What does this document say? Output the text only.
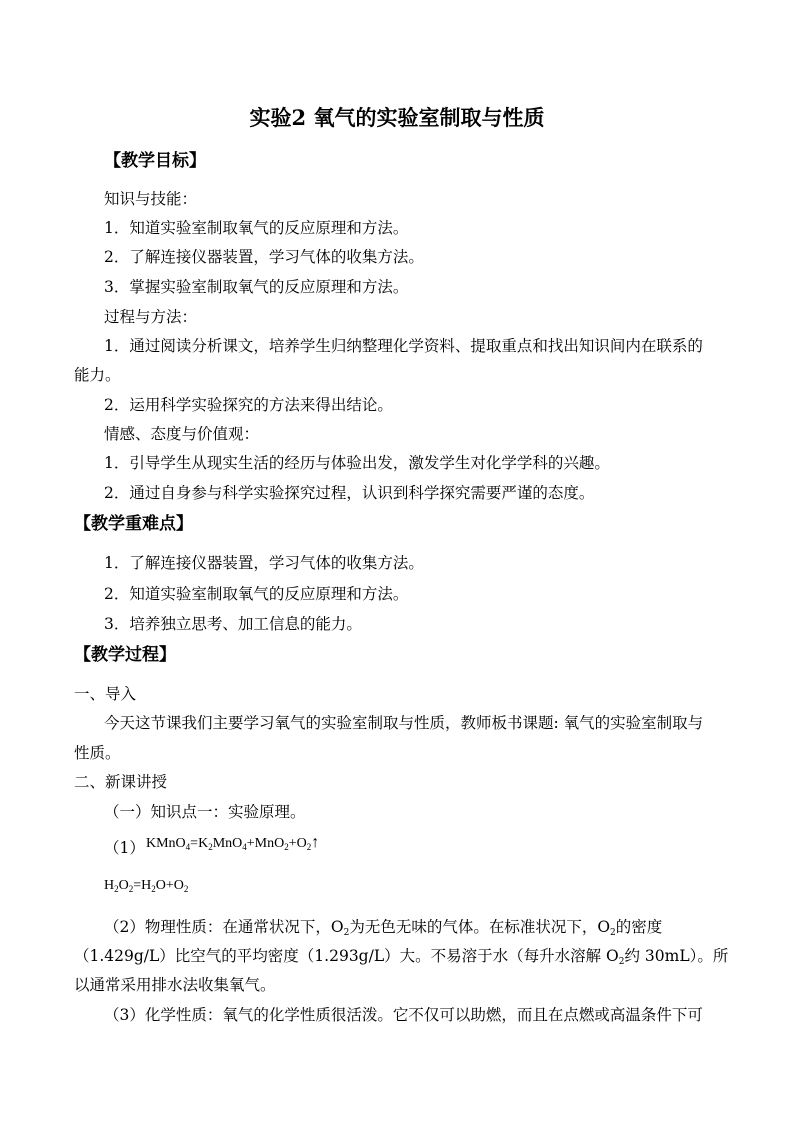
实验2 氧气的实验室制取与性质
【教学目标】
知识与技能：
1．知道实验室制取氧气的反应原理和方法。
2．了解连接仪器装置，学习气体的收集方法。
3．掌握实验室制取氧气的反应原理和方法。
过程与方法：
1．通过阅读分析课文，培养学生归纳整理化学资料、提取重点和找出知识间内在联系的
能力。
2．运用科学实验探究的方法来得出结论。
情感、态度与价值观：
1．引导学生从现实生活的经历与体验出发，激发学生对化学学科的兴趣。
2．通过自身参与科学实验探究过程，认识到科学探究需要严谨的态度。
【教学重难点】
1．了解连接仪器装置，学习气体的收集方法。
2．知道实验室制取氧气的反应原理和方法。
3．培养独立思考、加工信息的能力。
【教学过程】
一、导入
今天这节课我们主要学习氧气的实验室制取与性质，教师板书课题: 氧气的实验室制取与
性质。
二、新课讲授
（一）知识点一：实验原理。
（1） $KMnO_4=K_2MnO_4+MnO_2+O_2↑$
$H_2O_2=H_2O+O_2$
（2）物理性质：在通常状况下，$O_2$为无色无味的气体。在标准状况下，$O_2$的密度
（1.429g/L）比空气的平均密度（1.293g/L）大。不易溶于水（每升水溶解 $O_2$约 30mL）。所
以通常采用排水法收集氧气。
（3）化学性质：氧气的化学性质很活泼。它不仅可以助燃，而且在点燃或高温条件下可
